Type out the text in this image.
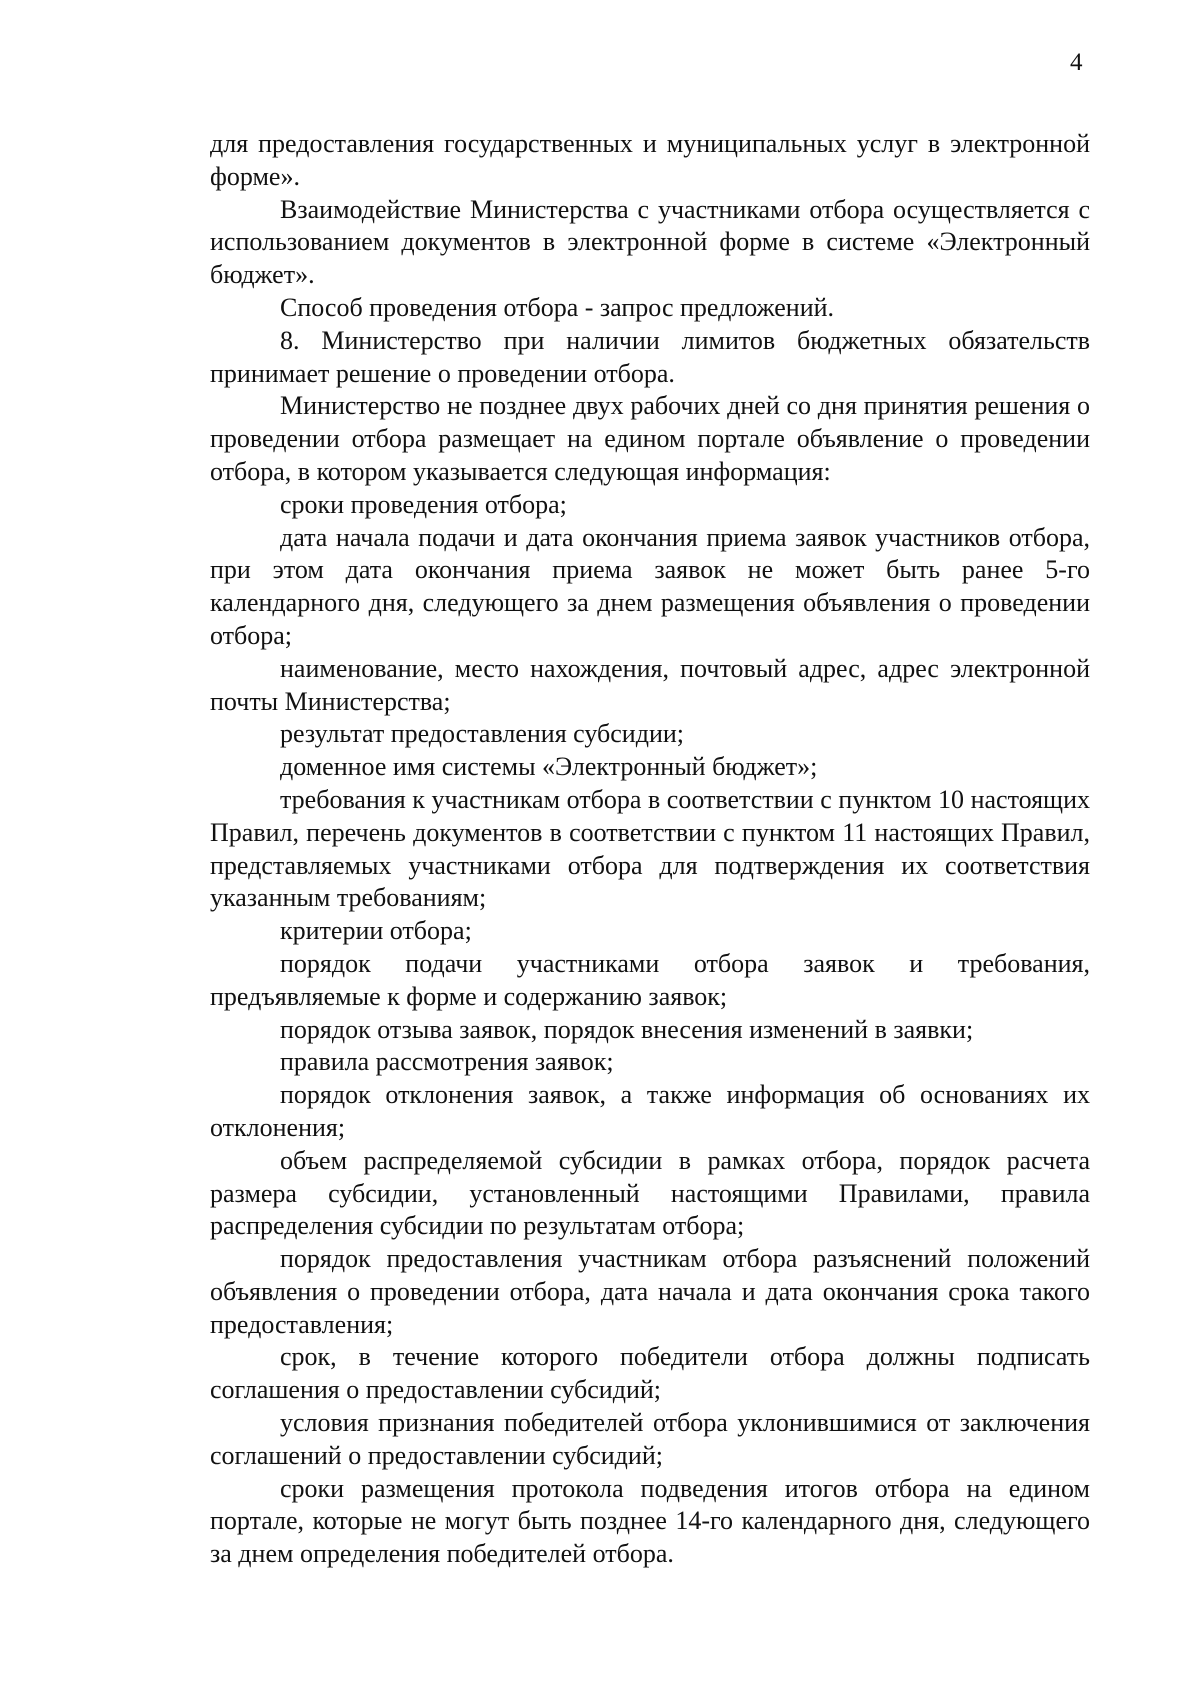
4

для предоставления государственных и муниципальных услуг в электронной форме».

Взаимодействие Министерства с участниками отбора осуществляется с использованием документов в электронной форме в системе «Электронный бюджет».

Способ проведения отбора - запрос предложений.

8. Министерство при наличии лимитов бюджетных обязательств принимает решение о проведении отбора.

Министерство не позднее двух рабочих дней со дня принятия решения о проведении отбора размещает на едином портале объявление о проведении отбора, в котором указывается следующая информация:

сроки проведения отбора;

дата начала подачи и дата окончания приема заявок участников отбора, при этом дата окончания приема заявок не может быть ранее 5-го календарного дня, следующего за днем размещения объявления о проведении отбора;

наименование, место нахождения, почтовый адрес, адрес электронной почты Министерства;

результат предоставления субсидии;

доменное имя системы «Электронный бюджет»;

требования к участникам отбора в соответствии с пунктом 10 настоящих Правил, перечень документов в соответствии с пунктом 11 настоящих Правил, представляемых участниками отбора для подтверждения их соответствия указанным требованиям;

критерии отбора;

порядок подачи участниками отбора заявок и требования, предъявляемые к форме и содержанию заявок;

порядок отзыва заявок, порядок внесения изменений в заявки;

правила рассмотрения заявок;

порядок отклонения заявок, а также информация об основаниях их отклонения;

объем распределяемой субсидии в рамках отбора, порядок расчета размера субсидии, установленный настоящими Правилами, правила распределения субсидии по результатам отбора;

порядок предоставления участникам отбора разъяснений положений объявления о проведении отбора, дата начала и дата окончания срока такого предоставления;

срок, в течение которого победители отбора должны подписать соглашения о предоставлении субсидий;

условия признания победителей отбора уклонившимися от заключения соглашений о предоставлении субсидий;

сроки размещения протокола подведения итогов отбора на едином портале, которые не могут быть позднее 14-го календарного дня, следующего за днем определения победителей отбора.
